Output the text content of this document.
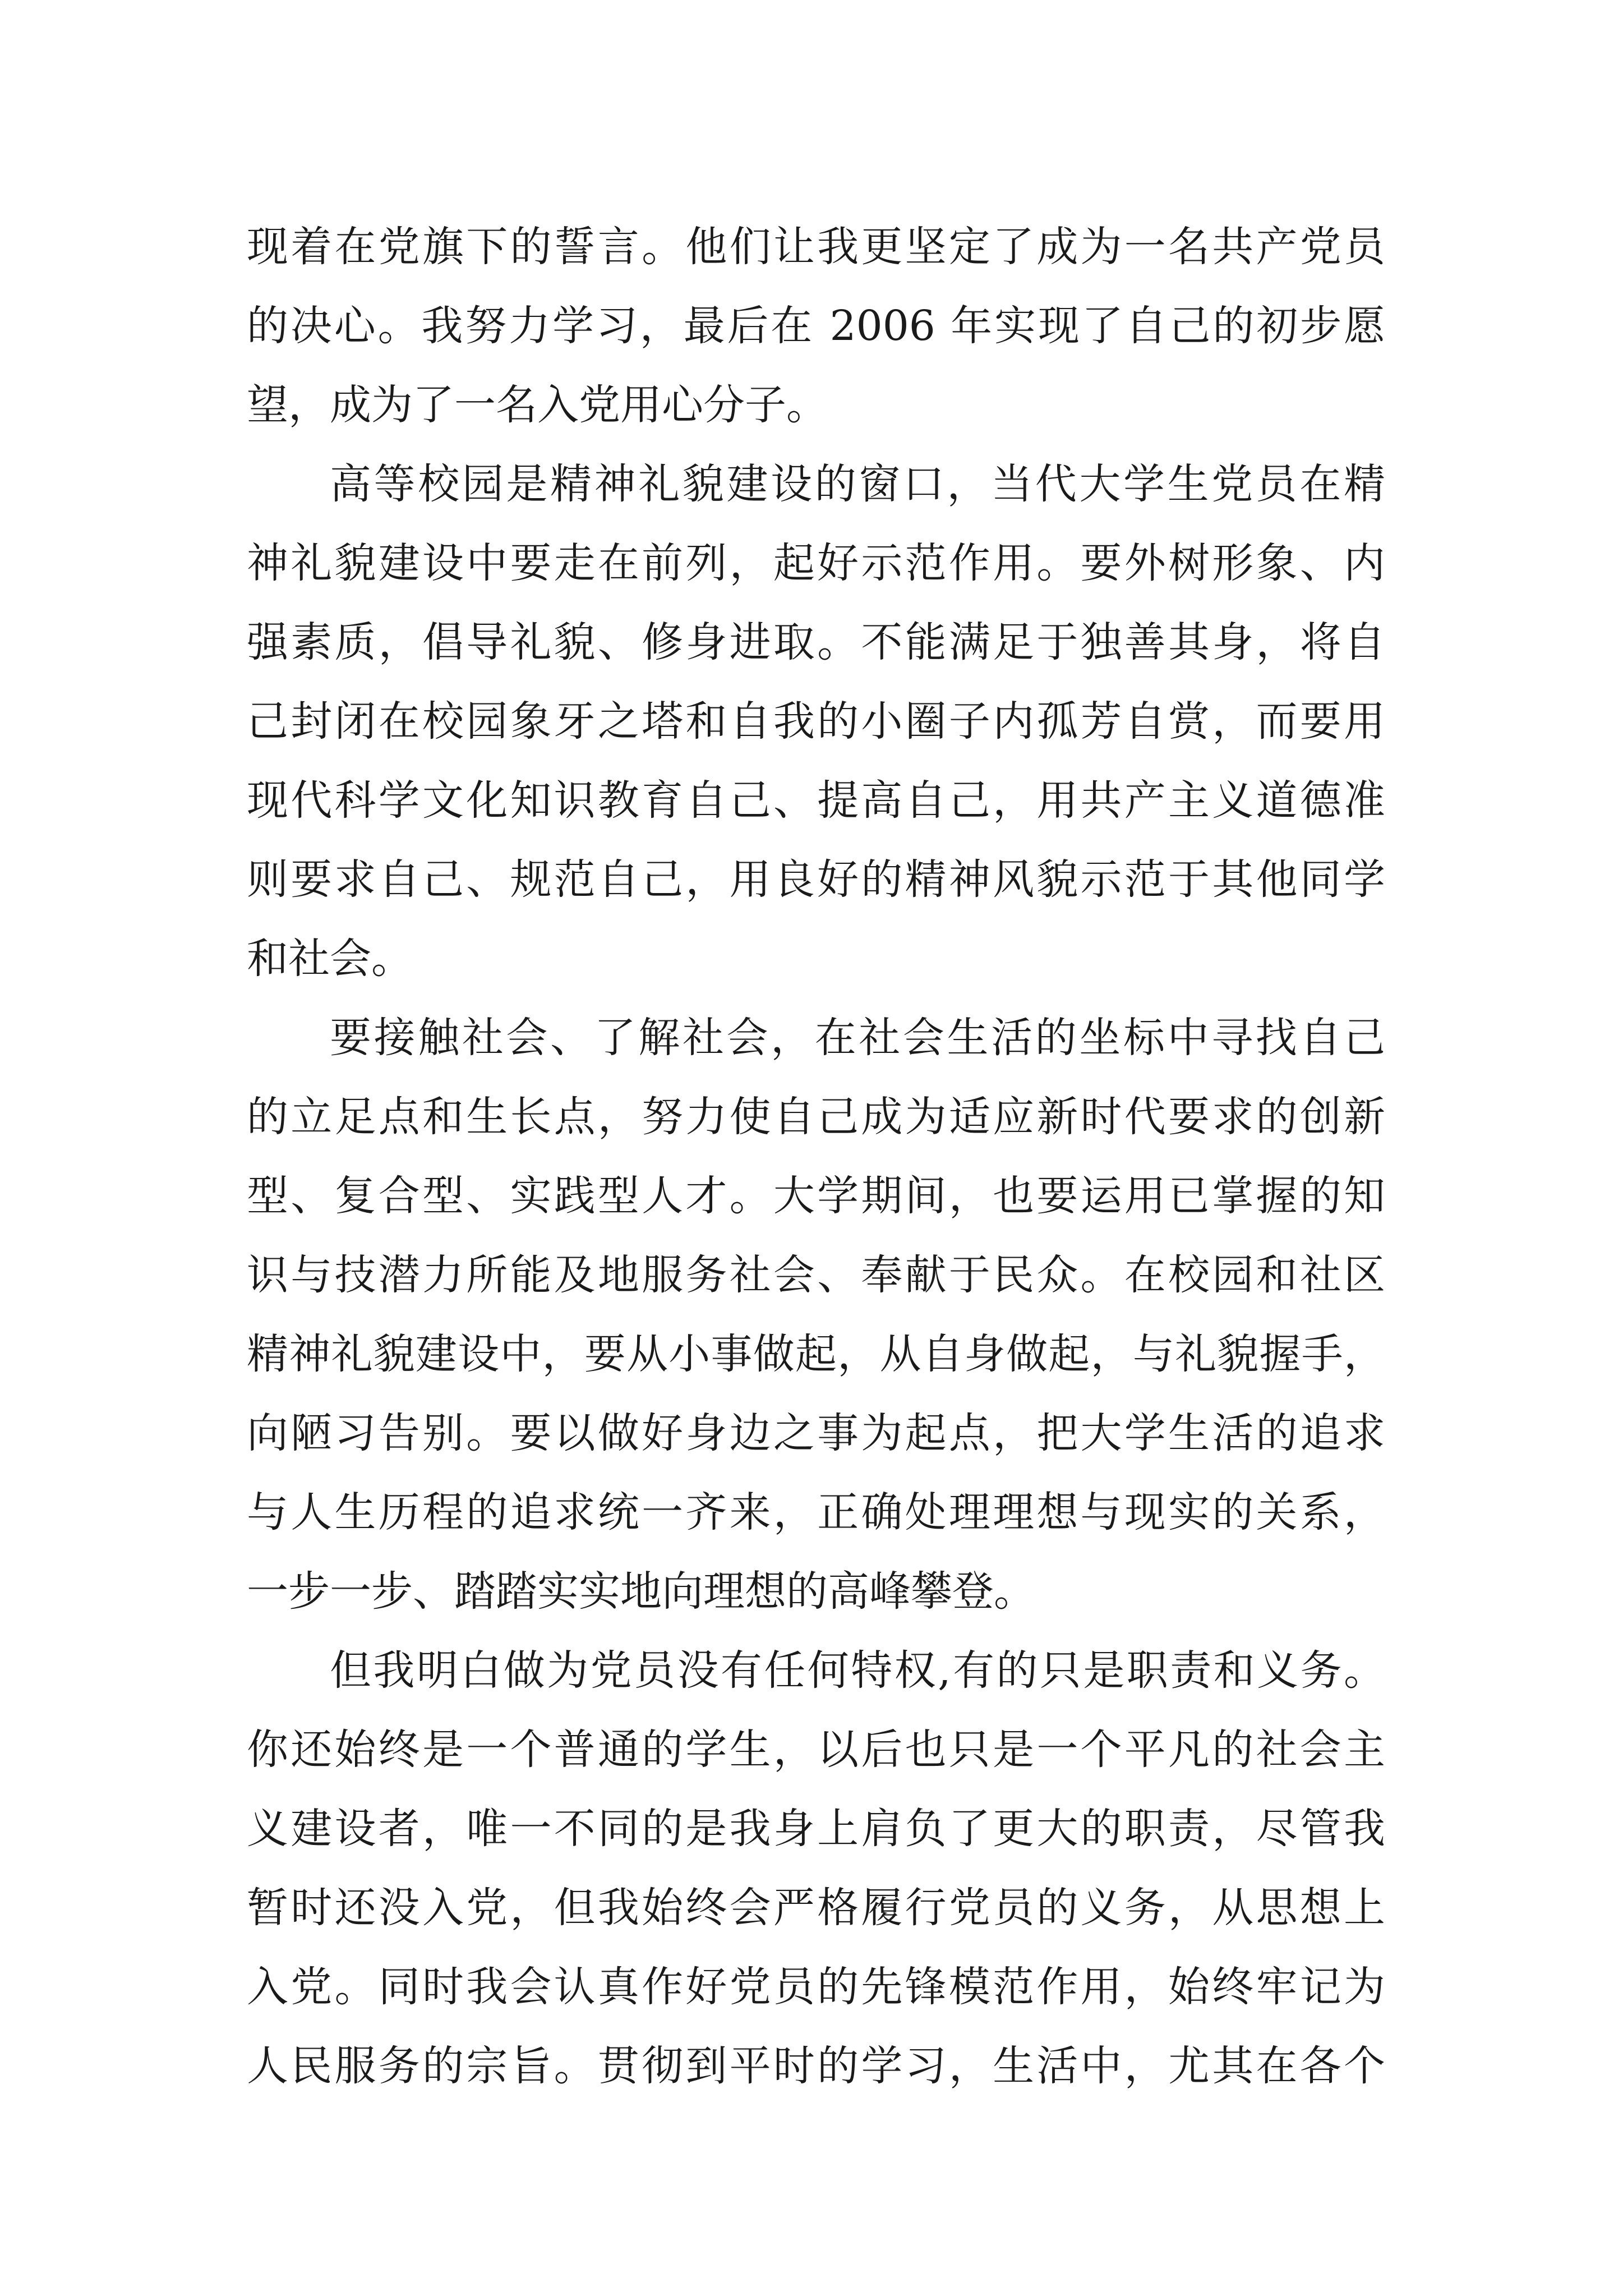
现着在党旗下的誓言。他们让我更坚定了成为一名共产党员
的决心。我努力学习，最后在 2006 年实现了自己的初步愿
望，成为了一名入党用心分子。
高等校园是精神礼貌建设的窗口，当代大学生党员在精
神礼貌建设中要走在前列，起好示范作用。要外树形象、内
强素质，倡导礼貌、修身进取。不能满足于独善其身，将自
己封闭在校园象牙之塔和自我的小圈子内孤芳自赏，而要用
现代科学文化知识教育自己、提高自己，用共产主义道德准
则要求自己、规范自己，用良好的精神风貌示范于其他同学
和社会。
要接触社会、了解社会，在社会生活的坐标中寻找自己
的立足点和生长点，努力使自己成为适应新时代要求的创新
型、复合型、实践型人才。大学期间，也要运用已掌握的知
识与技潜力所能及地服务社会、奉献于民众。在校园和社区
精神礼貌建设中，要从小事做起，从自身做起，与礼貌握手，
向陋习告别。要以做好身边之事为起点，把大学生活的追求
与人生历程的追求统一齐来，正确处理理想与现实的关系，
一步一步、踏踏实实地向理想的高峰攀登。
但我明白做为党员没有任何特权,有的只是职责和义务。
你还始终是一个普通的学生，以后也只是一个平凡的社会主
义建设者，唯一不同的是我身上肩负了更大的职责，尽管我
暂时还没入党，但我始终会严格履行党员的义务，从思想上
入党。同时我会认真作好党员的先锋模范作用，始终牢记为
人民服务的宗旨。贯彻到平时的学习，生活中，尤其在各个
